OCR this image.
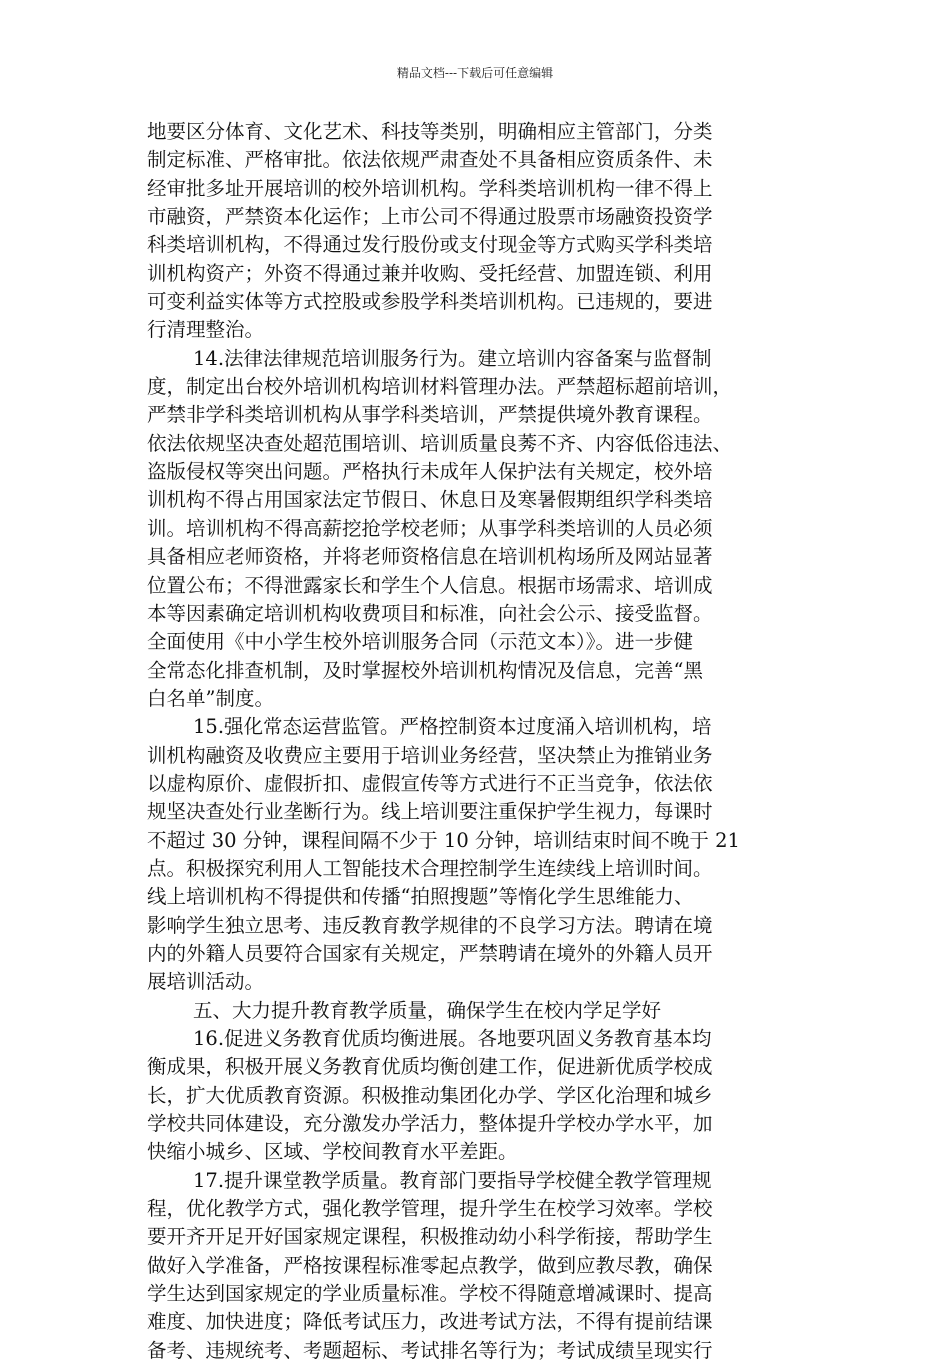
精品文档---下载后可任意编辑
地要区分体育、文化艺术、科技等类别，明确相应主管部门，分类
制定标准、严格审批。依法依规严肃查处不具备相应资质条件、未
经审批多址开展培训的校外培训机构。学科类培训机构一律不得上
市融资，严禁资本化运作；上市公司不得通过股票市场融资投资学
科类培训机构，不得通过发行股份或支付现金等方式购买学科类培
训机构资产；外资不得通过兼并收购、受托经营、加盟连锁、利用
可变利益实体等方式控股或参股学科类培训机构。已违规的，要进
行清理整治。
14.法律法律规范培训服务行为。建立培训内容备案与监督制
度，制定出台校外培训机构培训材料管理办法。严禁超标超前培训，
严禁非学科类培训机构从事学科类培训，严禁提供境外教育课程。
依法依规坚决查处超范围培训、培训质量良莠不齐、内容低俗违法、
盗版侵权等突出问题。严格执行未成年人保护法有关规定，校外培
训机构不得占用国家法定节假日、休息日及寒暑假期组织学科类培
训。培训机构不得高薪挖抢学校老师；从事学科类培训的人员必须
具备相应老师资格，并将老师资格信息在培训机构场所及网站显著
位置公布；不得泄露家长和学生个人信息。根据市场需求、培训成
本等因素确定培训机构收费项目和标准，向社会公示、接受监督。
全面使用《中小学生校外培训服务合同（示范文本）》。进一步健
全常态化排查机制，及时掌握校外培训机构情况及信息，完善“黑
白名单”制度。
15.强化常态运营监管。严格控制资本过度涌入培训机构，培
训机构融资及收费应主要用于培训业务经营，坚决禁止为推销业务
以虚构原价、虚假折扣、虚假宣传等方式进行不正当竞争，依法依
规坚决查处行业垄断行为。线上培训要注重保护学生视力，每课时
不超过 30 分钟，课程间隔不少于 10 分钟，培训结束时间不晚于 21
点。积极探究利用人工智能技术合理控制学生连续线上培训时间。
线上培训机构不得提供和传播“拍照搜题”等惰化学生思维能力、
影响学生独立思考、违反教育教学规律的不良学习方法。聘请在境
内的外籍人员要符合国家有关规定，严禁聘请在境外的外籍人员开
展培训活动。
五、大力提升教育教学质量，确保学生在校内学足学好
16.促进义务教育优质均衡进展。各地要巩固义务教育基本均
衡成果，积极开展义务教育优质均衡创建工作，促进新优质学校成
长，扩大优质教育资源。积极推动集团化办学、学区化治理和城乡
学校共同体建设，充分激发办学活力，整体提升学校办学水平，加
快缩小城乡、区域、学校间教育水平差距。
17.提升课堂教学质量。教育部门要指导学校健全教学管理规
程，优化教学方式，强化教学管理，提升学生在校学习效率。学校
要开齐开足开好国家规定课程，积极推动幼小科学衔接，帮助学生
做好入学准备，严格按课程标准零起点教学，做到应教尽教，确保
学生达到国家规定的学业质量标准。学校不得随意增减课时、提高
难度、加快进度；降低考试压力，改进考试方法，不得有提前结课
备考、违规统考、考题超标、考试排名等行为；考试成绩呈现实行
